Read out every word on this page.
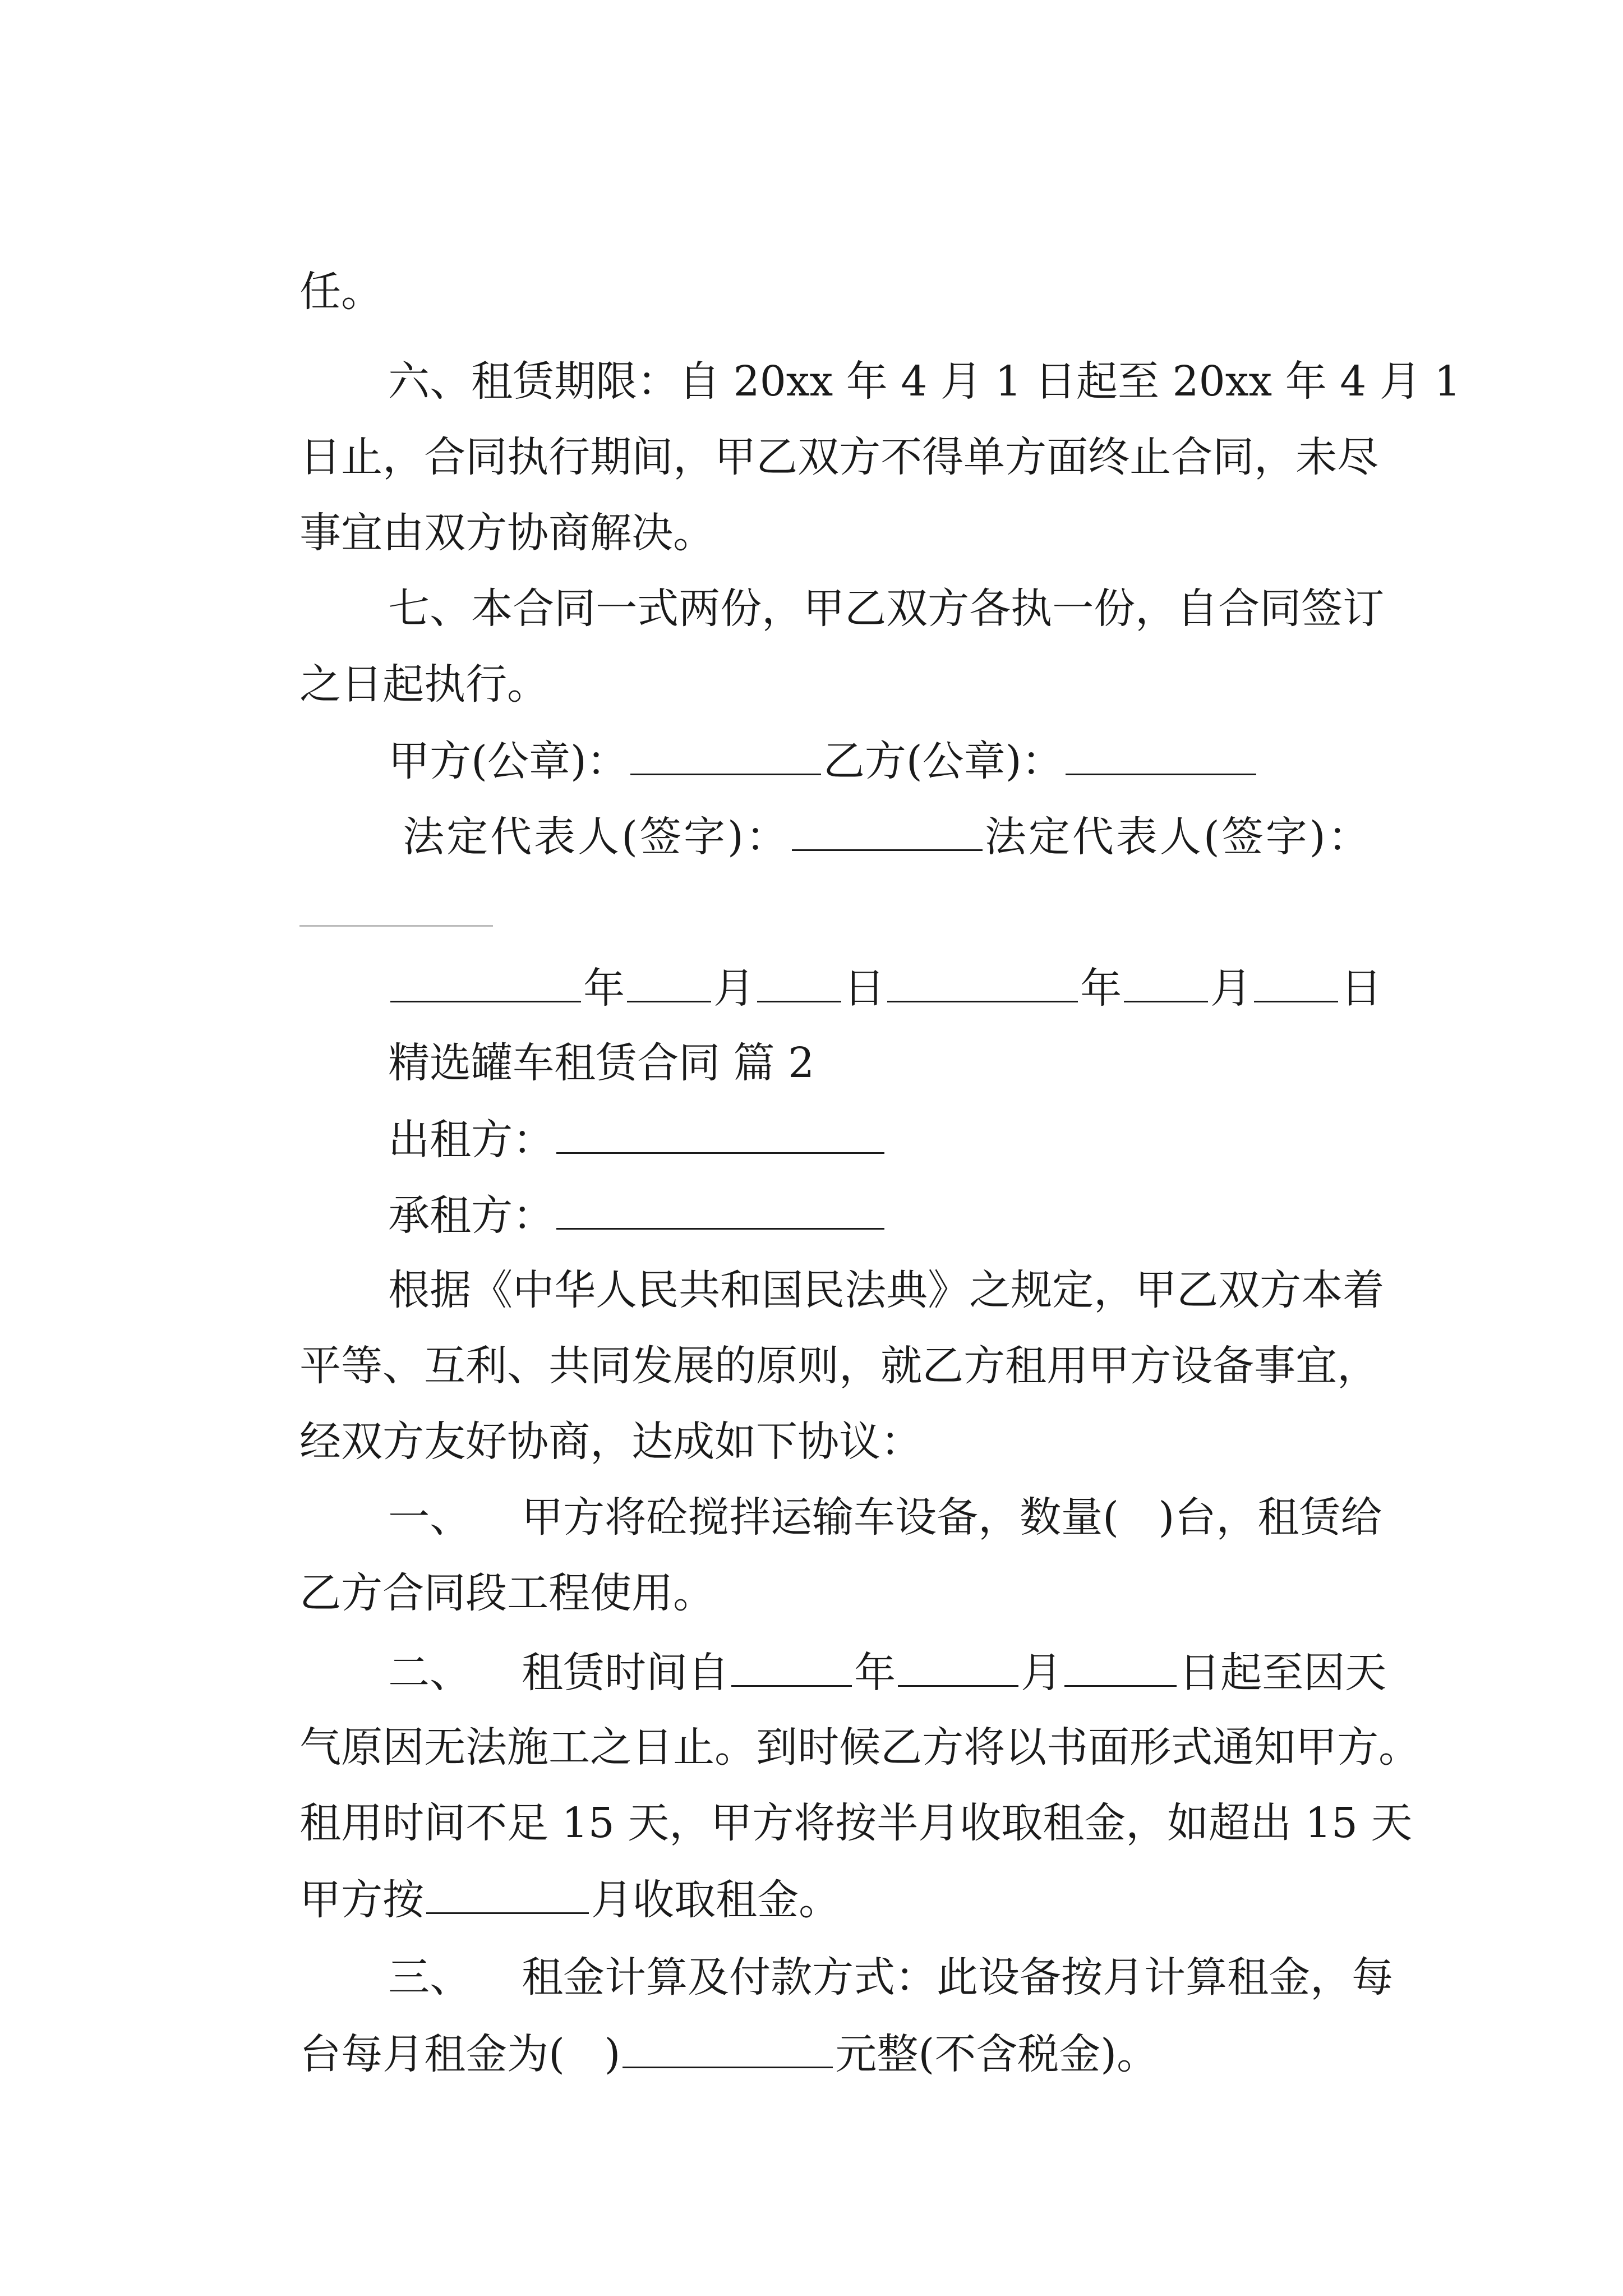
任。

六、租赁期限：自 20xx 年 4 月 1 日起至 20xx 年 4 月 1

日止，合同执行期间，甲乙双方不得单方面终止合同，未尽

事宜由双方协商解决。

七、本合同一式两份，甲乙双方各执一份，自合同签订

之日起执行。

甲方(公章)：	乙方(公章)：

法定代表人(签字)：	法定代表人(签字)：

年 月 日	年 月 日

精选罐车租赁合同 篇 2

出租方：

承租方：

根据《中华人民共和国民法典》之规定，甲乙双方本着

平等、互利、共同发展的原则，就乙方租用甲方设备事宜，

经双方友好协商，达成如下协议：

一、 甲方将砼搅拌运输车设备，数量(   )台，租赁给

乙方合同段工程使用。

二、 租赁时间自	年	月	日起至因天

气原因无法施工之日止。到时候乙方将以书面形式通知甲方。

租用时间不足 15 天，甲方将按半月收取租金，如超出 15 天

甲方按	月收取租金。

三、 租金计算及付款方式：此设备按月计算租金，每

台每月租金为(   )	元整(不含税金)。
